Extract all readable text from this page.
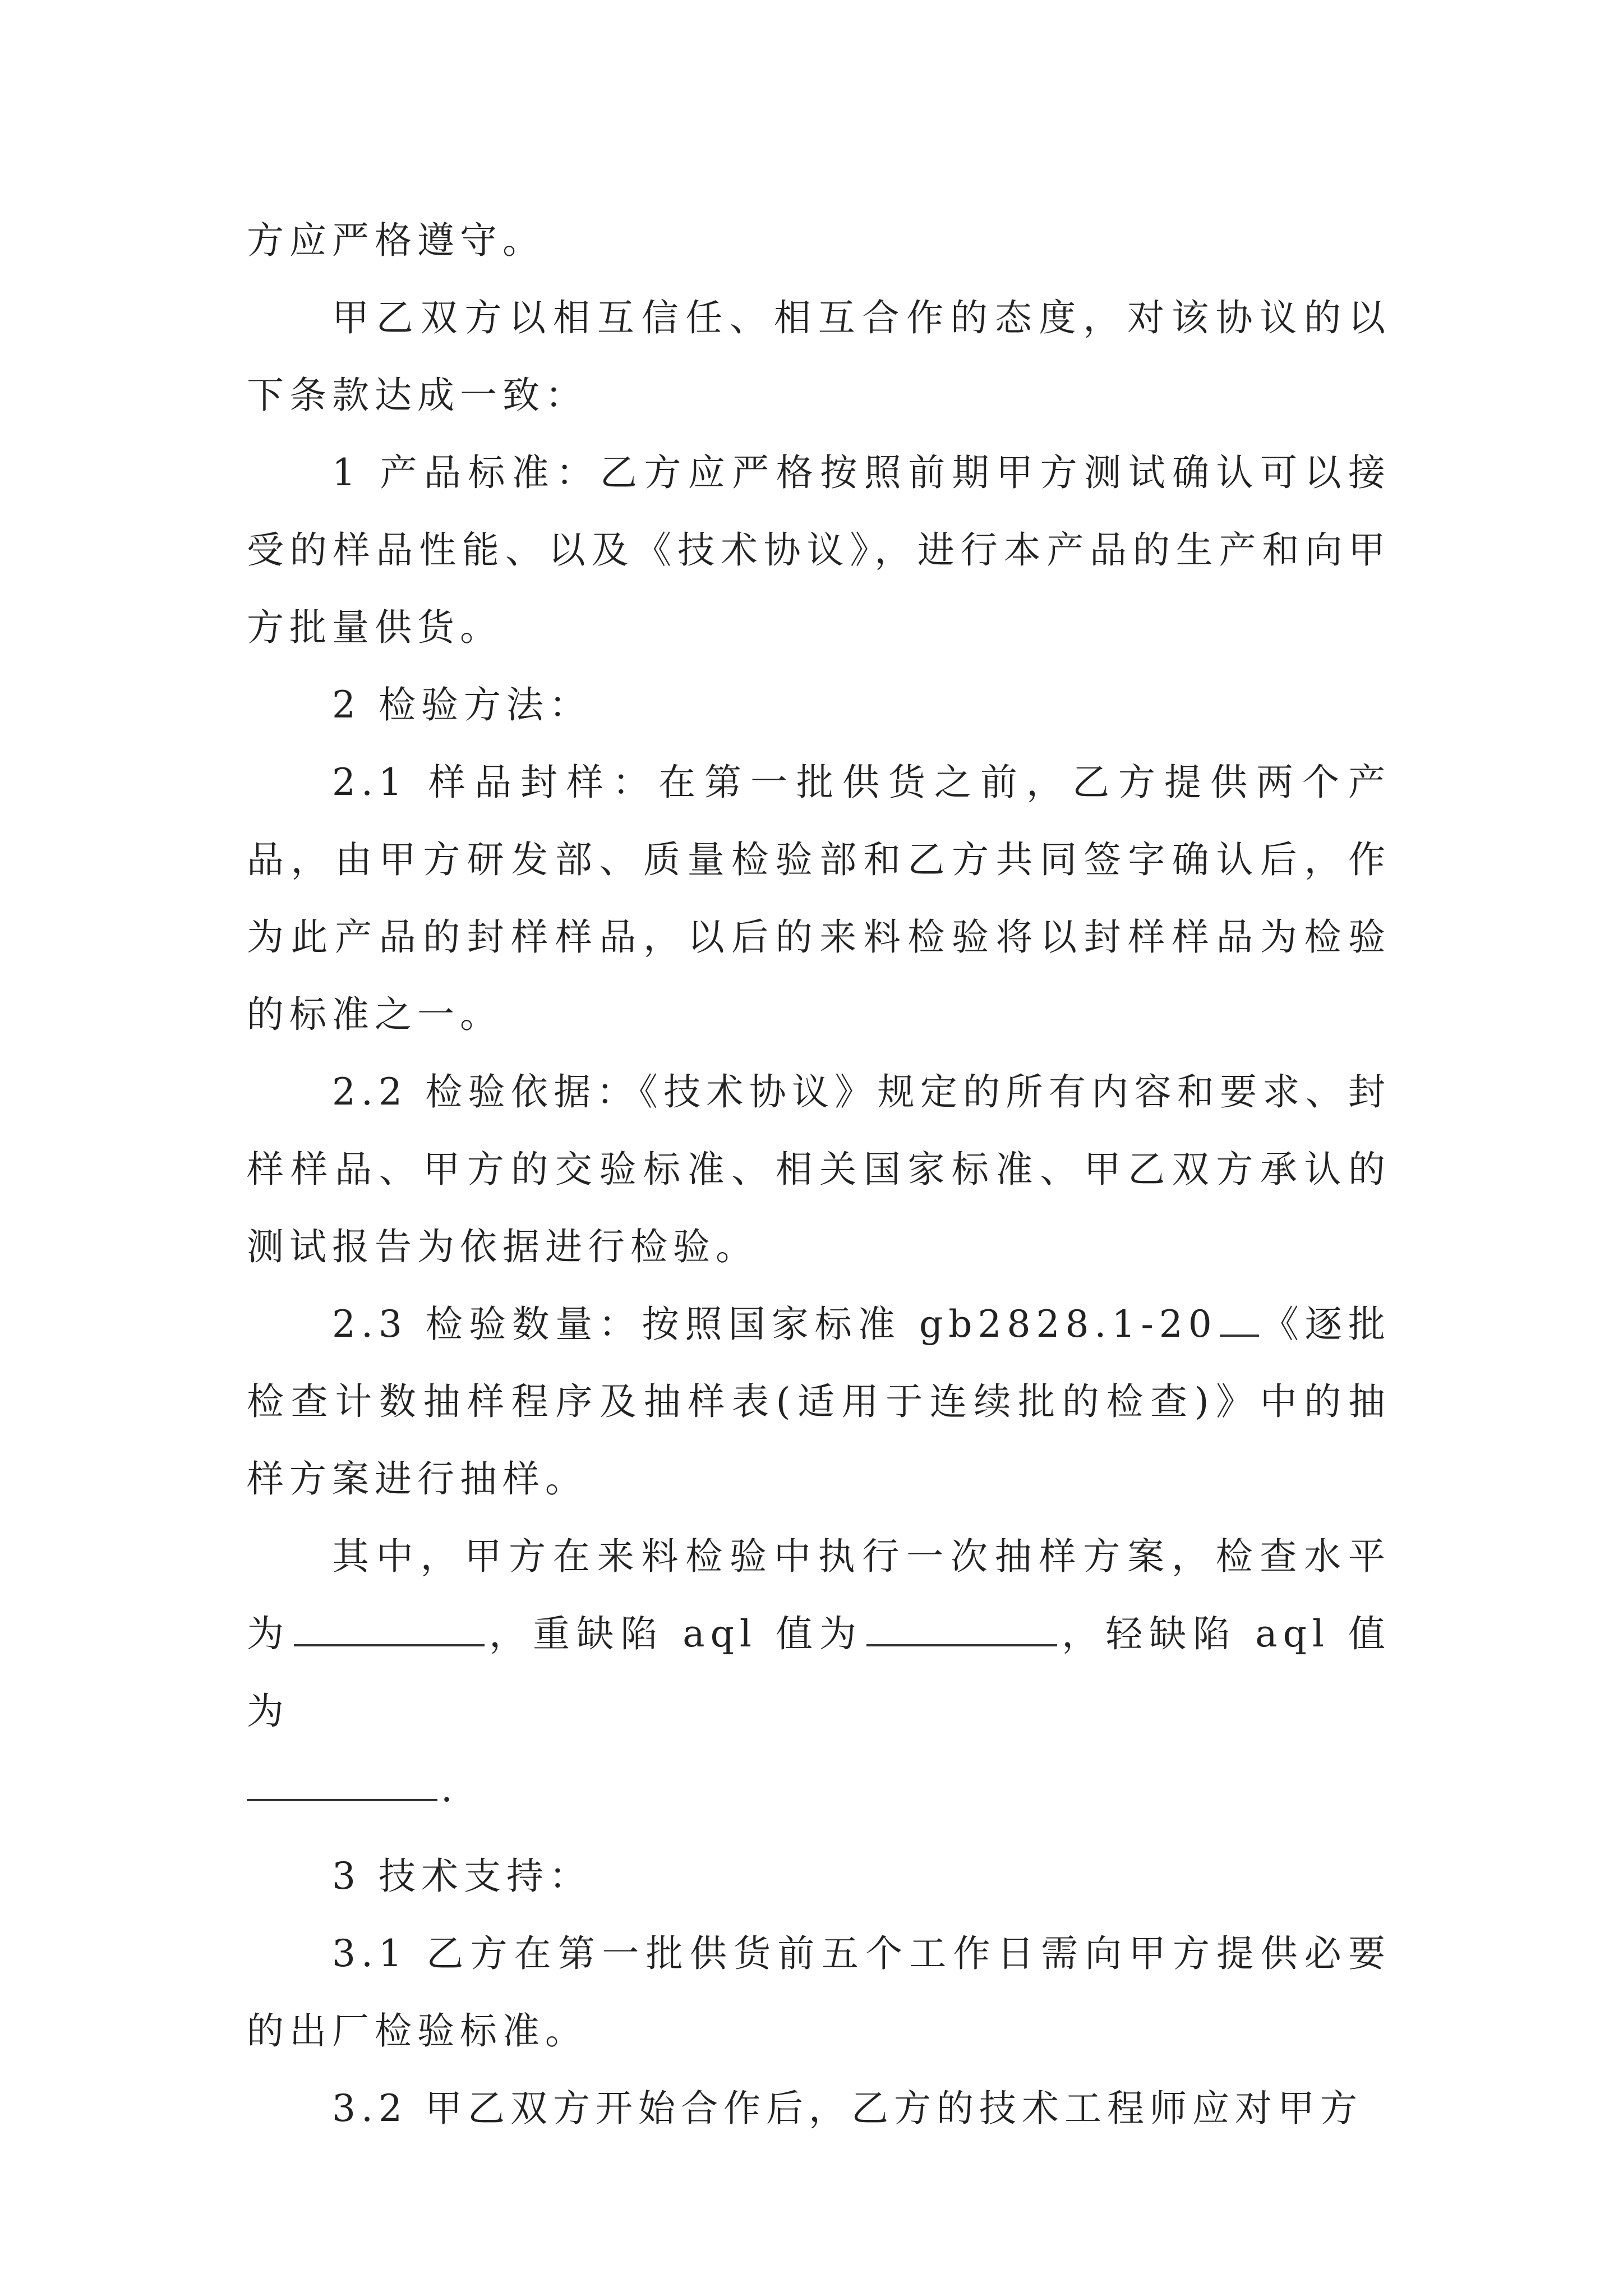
方应严格遵守。

甲乙双方以相互信任、相互合作的态度，对该协议的以下条款达成一致：

1 产品标准：乙方应严格按照前期甲方测试确认可以接受的样品性能、以及《技术协议》，进行本产品的生产和向甲方批量供货。

2 检验方法：

2.1 样品封样：在第一批供货之前，乙方提供两个产品，由甲方研发部、质量检验部和乙方共同签字确认后，作为此产品的封样样品，以后的来料检验将以封样样品为检验的标准之一。

2.2 检验依据：《技术协议》规定的所有内容和要求、封样样品、甲方的交验标准、相关国家标准、甲乙双方承认的测试报告为依据进行检验。

2.3 检验数量：按照国家标准 gb2828.1-20 《逐批检查计数抽样程序及抽样表(适用于连续批的检查)》中的抽样方案进行抽样。

其中，甲方在来料检验中执行一次抽样方案，检查水平为	，重缺陷 aql 值为	，轻缺陷 aql 值为

.

3 技术支持：

3.1 乙方在第一批供货前五个工作日需向甲方提供必要的出厂检验标准。

3.2 甲乙双方开始合作后，乙方的技术工程师应对甲方
